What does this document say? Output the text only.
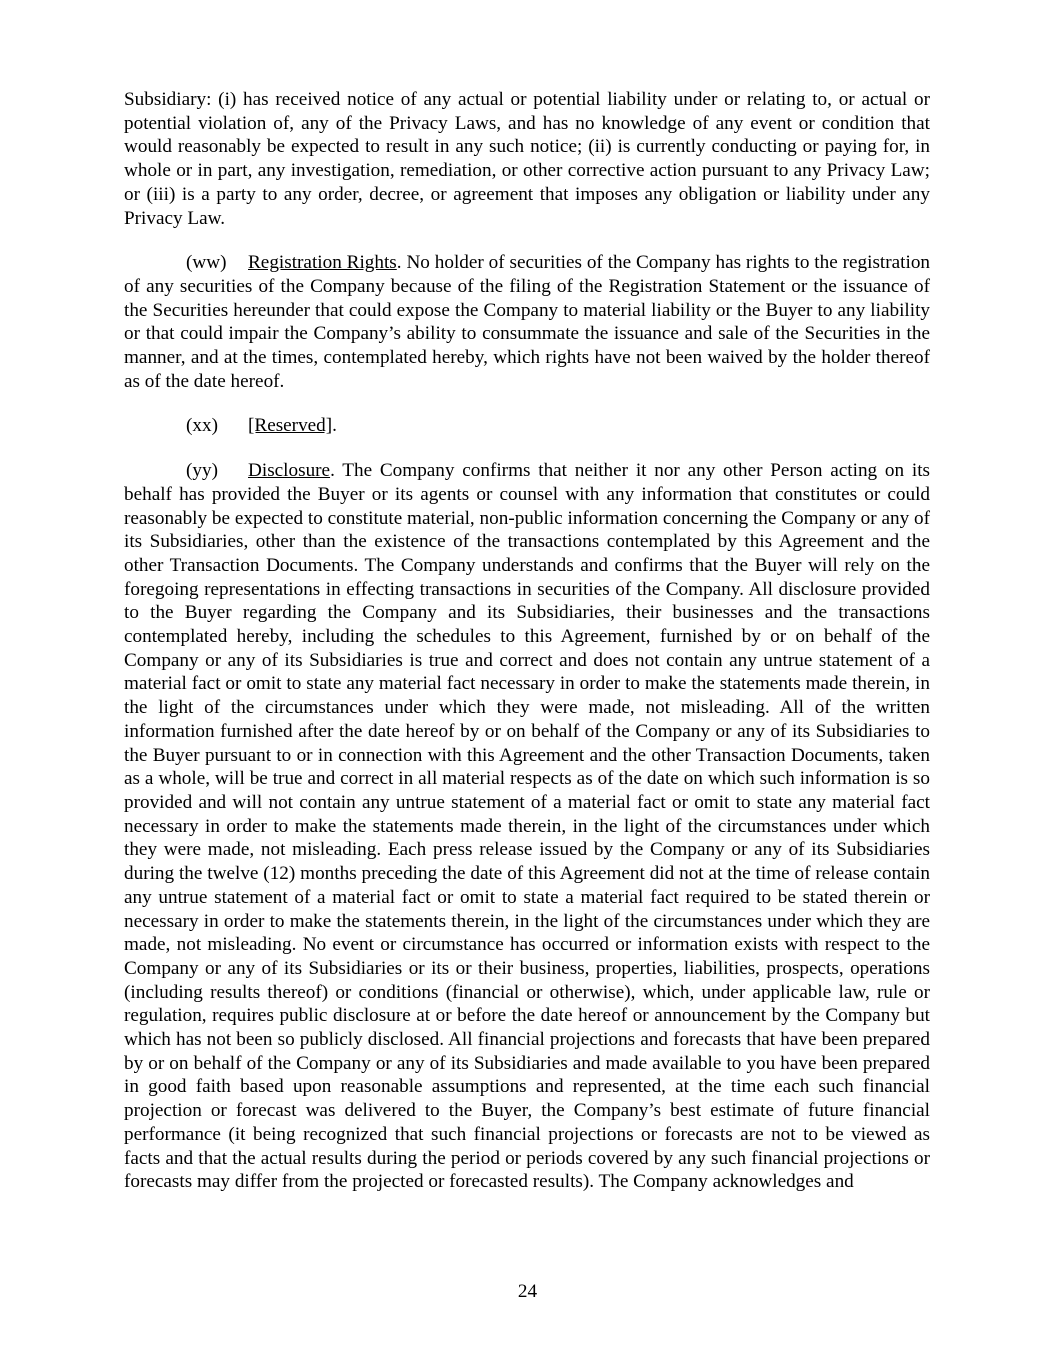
Subsidiary: (i) has received notice of any actual or potential liability under or relating to, or actual or potential violation of, any of the Privacy Laws, and has no knowledge of any event or condition that would reasonably be expected to result in any such notice; (ii) is currently conducting or paying for, in whole or in part, any investigation, remediation, or other corrective action pursuant to any Privacy Law; or (iii) is a party to any order, decree, or agreement that imposes any obligation or liability under any Privacy Law.

(ww) Registration Rights. No holder of securities of the Company has rights to the registration of any securities of the Company because of the filing of the Registration Statement or the issuance of the Securities hereunder that could expose the Company to material liability or the Buyer to any liability or that could impair the Company’s ability to consummate the issuance and sale of the Securities in the manner, and at the times, contemplated hereby, which rights have not been waived by the holder thereof as of the date hereof.

(xx) [Reserved].

(yy) Disclosure. The Company confirms that neither it nor any other Person acting on its behalf has provided the Buyer or its agents or counsel with any information that constitutes or could reasonably be expected to constitute material, non-public information concerning the Company or any of its Subsidiaries, other than the existence of the transactions contemplated by this Agreement and the other Transaction Documents. The Company understands and confirms that the Buyer will rely on the foregoing representations in effecting transactions in securities of the Company. All disclosure provided to the Buyer regarding the Company and its Subsidiaries, their businesses and the transactions contemplated hereby, including the schedules to this Agreement, furnished by or on behalf of the Company or any of its Subsidiaries is true and correct and does not contain any untrue statement of a material fact or omit to state any material fact necessary in order to make the statements made therein, in the light of the circumstances under which they were made, not misleading. All of the written information furnished after the date hereof by or on behalf of the Company or any of its Subsidiaries to the Buyer pursuant to or in connection with this Agreement and the other Transaction Documents, taken as a whole, will be true and correct in all material respects as of the date on which such information is so provided and will not contain any untrue statement of a material fact or omit to state any material fact necessary in order to make the statements made therein, in the light of the circumstances under which they were made, not misleading. Each press release issued by the Company or any of its Subsidiaries during the twelve (12) months preceding the date of this Agreement did not at the time of release contain any untrue statement of a material fact or omit to state a material fact required to be stated therein or necessary in order to make the statements therein, in the light of the circumstances under which they are made, not misleading. No event or circumstance has occurred or information exists with respect to the Company or any of its Subsidiaries or its or their business, properties, liabilities, prospects, operations (including results thereof) or conditions (financial or otherwise), which, under applicable law, rule or regulation, requires public disclosure at or before the date hereof or announcement by the Company but which has not been so publicly disclosed. All financial projections and forecasts that have been prepared by or on behalf of the Company or any of its Subsidiaries and made available to you have been prepared in good faith based upon reasonable assumptions and represented, at the time each such financial projection or forecast was delivered to the Buyer, the Company’s best estimate of future financial performance (it being recognized that such financial projections or forecasts are not to be viewed as facts and that the actual results during the period or periods covered by any such financial projections or forecasts may differ from the projected or forecasted results). The Company acknowledges and

24
